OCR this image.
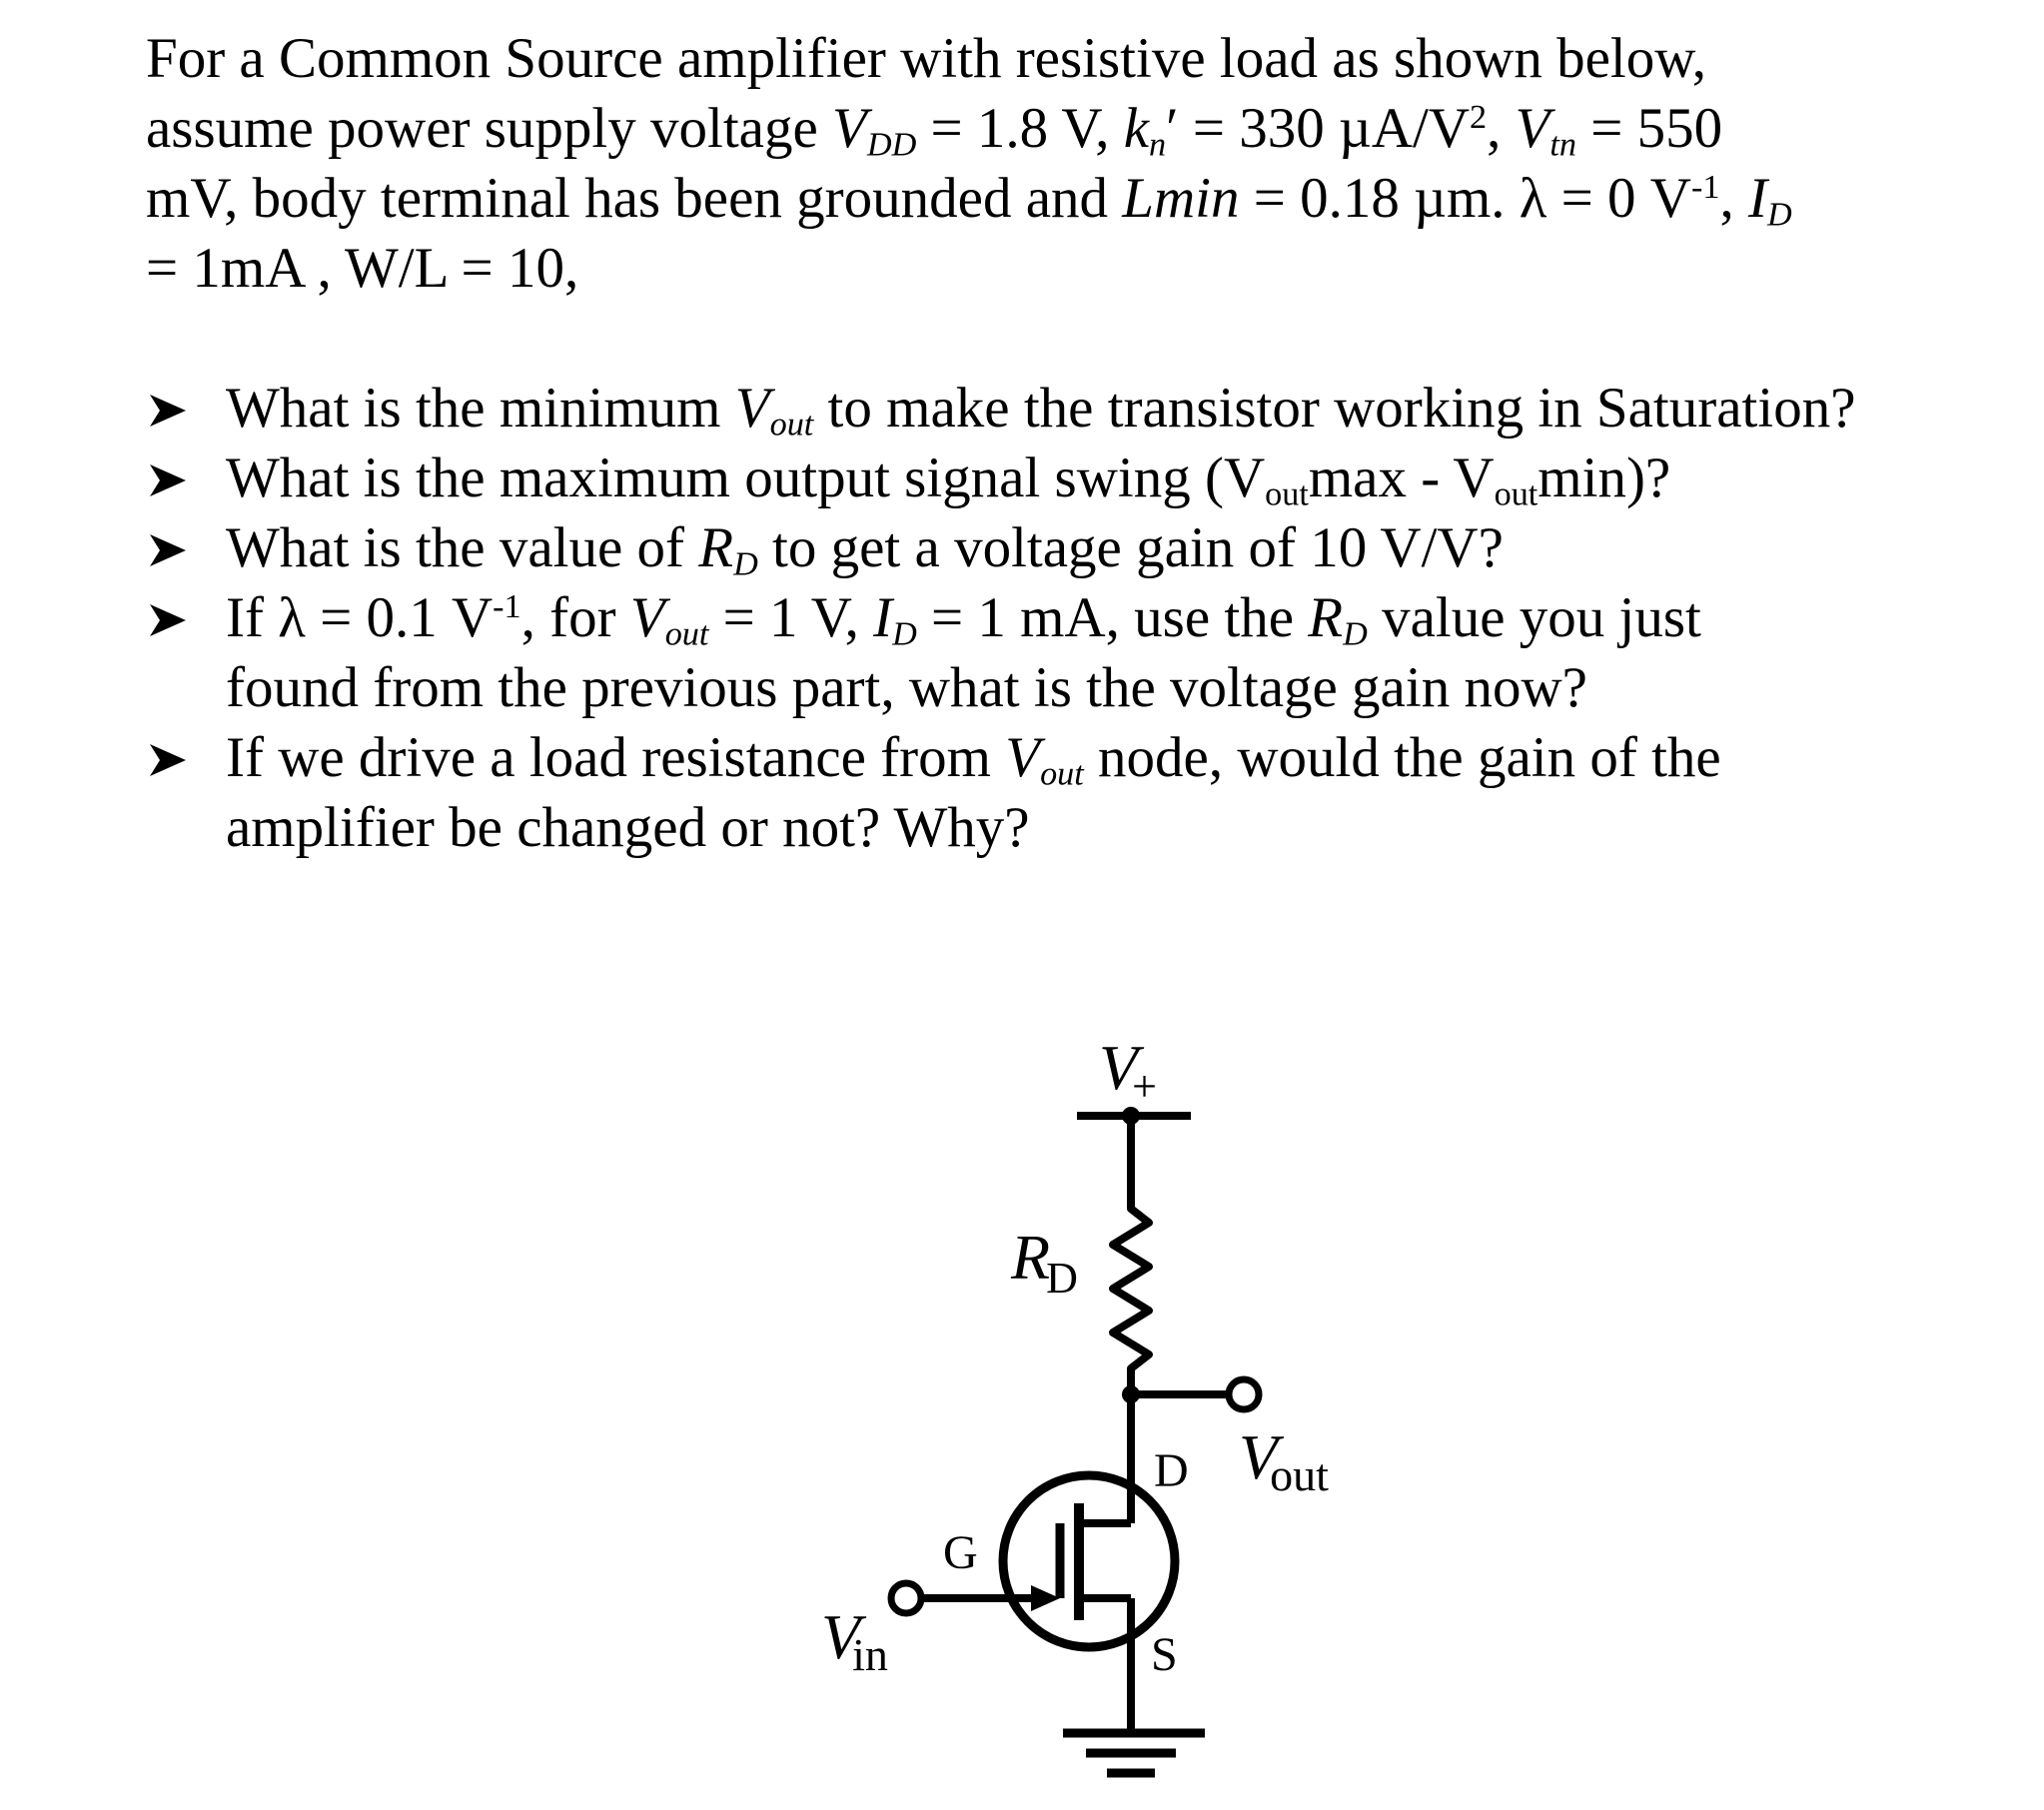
For a Common Source amplifier with resistive load as shown below,
assume power supply voltage $V_{DD} = 1.8$ V, $k_n' = 330$ $\mu A/V^2$, $V_{tn} = 550$
mV, body terminal has been grounded and Lmin = 0.18 µm. λ = 0 $V^{-1}$, $I_D$
= 1mA , W/L = 10,

What is the minimum $V_{out}$ to make the transistor working in Saturation?
What is the maximum output signal swing $(V_{out}\max - V_{out}\min)$?
What is the value of $R_D$ to get a voltage gain of 10 V/V?
If λ = 0.1 $V^{-1}$, for $V_{out} = 1$ V, $I_D = 1$ mA, use the $R_D$ value you just
found from the previous part, what is the voltage gain now?
If we drive a load resistance from $V_{out}$ node, would the gain of the
amplifier be changed or not? Why?
V+
RD
D Vout
G
Vin	S
